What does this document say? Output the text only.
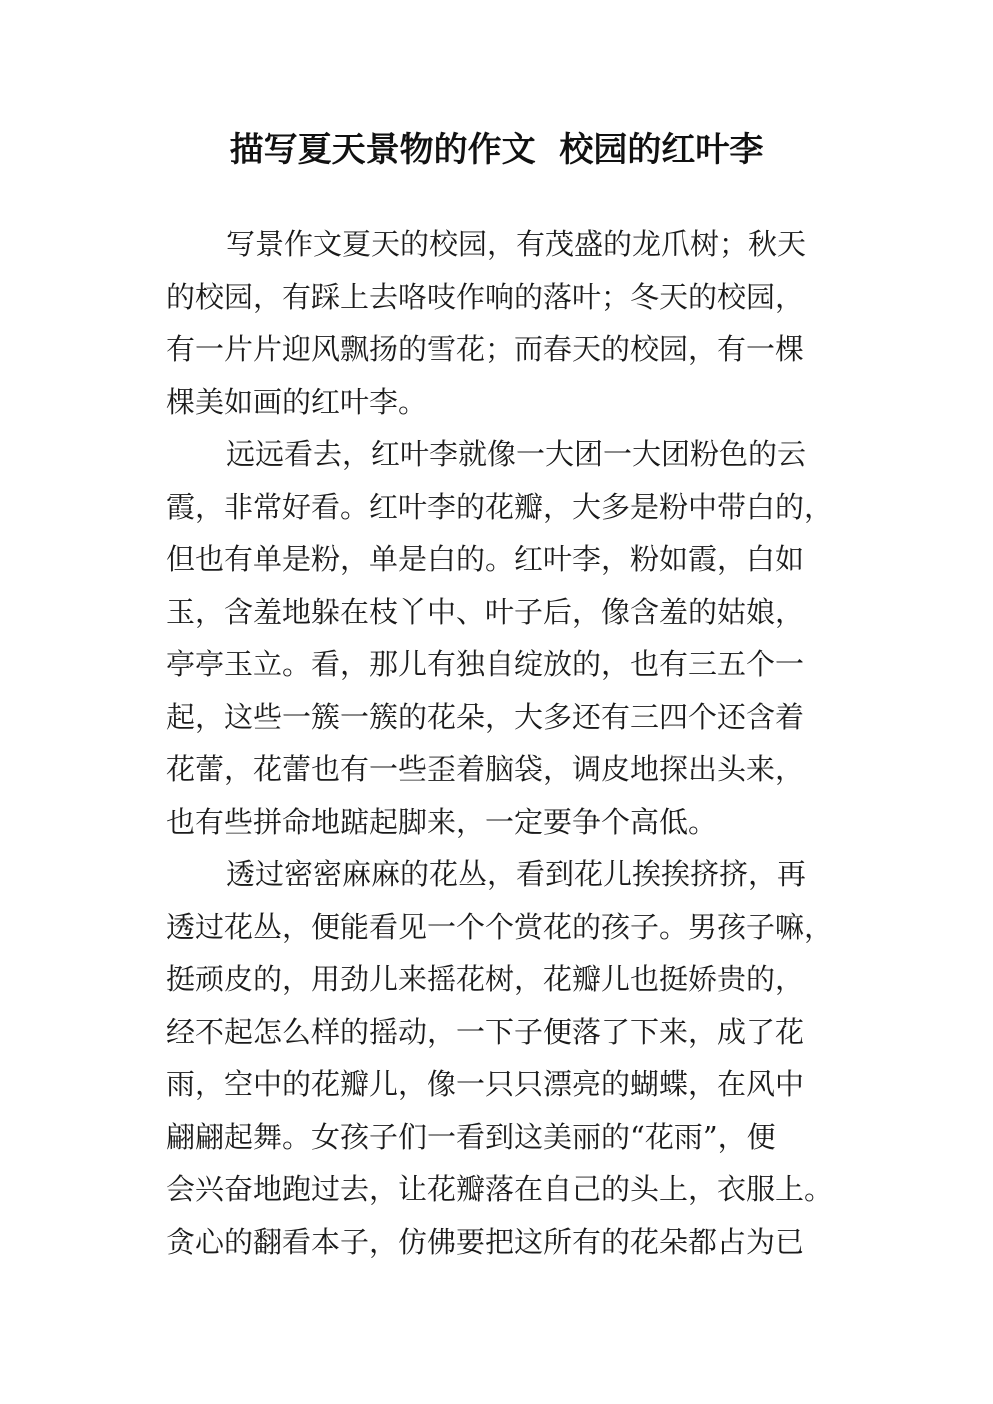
描写夏天景物的作文  校园的红叶李
写景作文夏天的校园，有茂盛的龙爪树；秋天
的校园，有踩上去咯吱作响的落叶；冬天的校园，
有一片片迎风飘扬的雪花；而春天的校园，有一棵
棵美如画的红叶李。
远远看去，红叶李就像一大团一大团粉色的云
霞，非常好看。红叶李的花瓣，大多是粉中带白的，
但也有单是粉，单是白的。红叶李，粉如霞，白如
玉，含羞地躲在枝丫中、叶子后，像含羞的姑娘，
亭亭玉立。看，那儿有独自绽放的，也有三五个一
起，这些一簇一簇的花朵，大多还有三四个还含着
花蕾，花蕾也有一些歪着脑袋，调皮地探出头来，
也有些拼命地踮起脚来，一定要争个高低。
透过密密麻麻的花丛，看到花儿挨挨挤挤，再
透过花丛，便能看见一个个赏花的孩子。男孩子嘛，
挺顽皮的，用劲儿来摇花树，花瓣儿也挺娇贵的，
经不起怎么样的摇动，一下子便落了下来，成了花
雨，空中的花瓣儿，像一只只漂亮的蝴蝶，在风中
翩翩起舞。女孩子们一看到这美丽的“花雨”，便
会兴奋地跑过去，让花瓣落在自己的头上，衣服上。
贪心的翻看本子，仿佛要把这所有的花朵都占为已
